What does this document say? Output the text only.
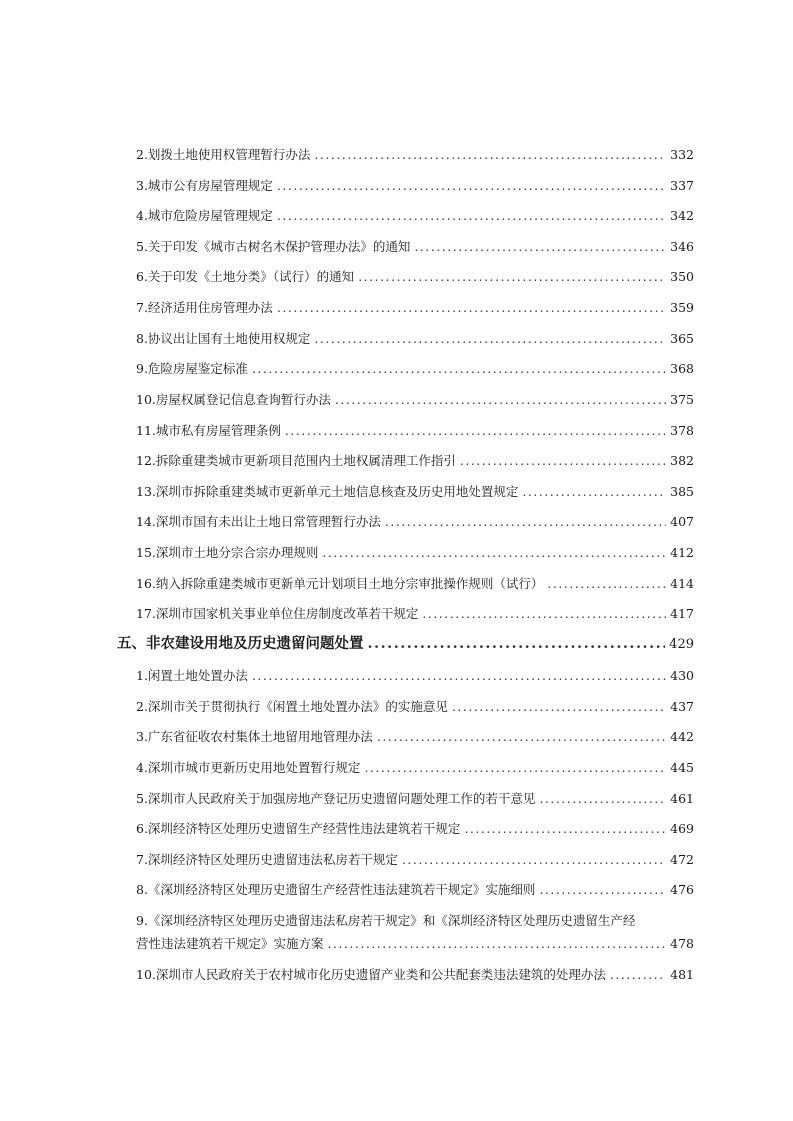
2.划拨土地使用权管理暂行办法 .....	332
3.城市公有房屋管理规定 .....	337
4.城市危险房屋管理规定 .....	342
5.关于印发《城市古树名木保护管理办法》的通知 .....	346
6.关于印发《土地分类》（试行）的通知 .....	350
7.经济适用住房管理办法 .....	359
8.协议出让国有土地使用权规定 .....	365
9.危险房屋鉴定标准 .....	368
10.房屋权属登记信息查询暂行办法 .....	375
11.城市私有房屋管理条例 .....	378
12.拆除重建类城市更新项目范围内土地权属清理工作指引 .....	382
13.深圳市拆除重建类城市更新单元土地信息核查及历史用地处置规定 .....	385
14.深圳市国有未出让土地日常管理暂行办法 .....	407
15.深圳市土地分宗合宗办理规则 .....	412
16.纳入拆除重建类城市更新单元计划项目土地分宗审批操作规则（试行） .....	414
17.深圳市国家机关事业单位住房制度改革若干规定 .....	417
五、非农建设用地及历史遗留问题处置 .....	429
1.闲置土地处置办法 .....	430
2.深圳市关于贯彻执行《闲置土地处置办法》的实施意见 .....	437
3.广东省征收农村集体土地留用地管理办法 .....	442
4.深圳市城市更新历史用地处置暂行规定 .....	445
5.深圳市人民政府关于加强房地产登记历史遗留问题处理工作的若干意见 .....	461
6.深圳经济特区处理历史遗留生产经营性违法建筑若干规定 .....	469
7.深圳经济特区处理历史遗留违法私房若干规定 .....	472
8.《深圳经济特区处理历史遗留生产经营性违法建筑若干规定》实施细则 .....	476
9.《深圳经济特区处理历史遗留违法私房若干规定》和《深圳经济特区处理历史遗留生产经
营性违法建筑若干规定》实施方案 .....	478
10.深圳市人民政府关于农村城市化历史遗留产业类和公共配套类违法建筑的处理办法 .....	481
